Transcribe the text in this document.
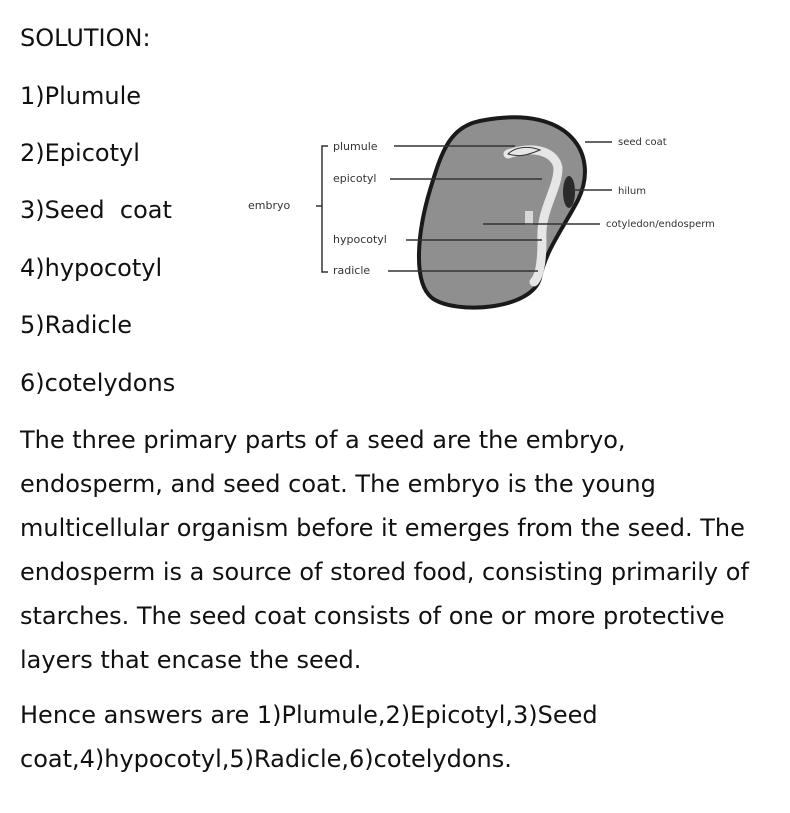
SOLUTION:
1)Plumule
2)Epicotyl
3)Seed  coat
4)hypocotyl
5)Radicle
6)cotelydons
embryo
plumule
epicotyl
hypocotyl
radicle
seed coat
hilum
cotyledon/endosperm

The three primary parts of a seed are the embryo, endosperm, and seed coat. The embryo is the young multicellular organism before it emerges from the seed. The endosperm is a source of stored food, consisting primarily of starches. The seed coat consists of one or more protective layers that encase the seed.

Hence answers are 1)Plumule,2)Epicotyl,3)Seed coat,4)hypocotyl,5)Radicle,6)cotelydons.
